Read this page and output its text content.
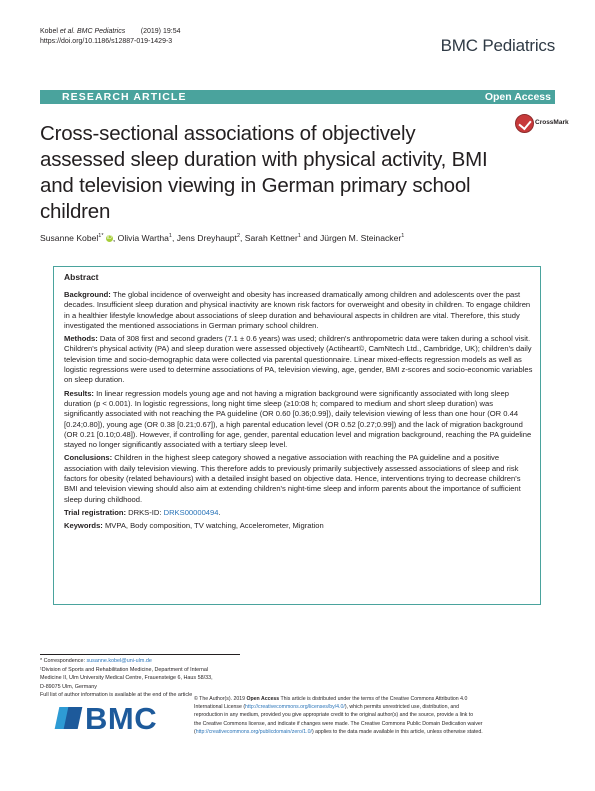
Kobel et al. BMC Pediatrics (2019) 19:54
https://doi.org/10.1186/s12887-019-1429-3	BMC Pediatrics
RESEARCH ARTICLE	Open Access
Cross-sectional associations of objectively assessed sleep duration with physical activity, BMI and television viewing in German primary school children
CrossMark
Susanne Kobel$^{1*}$ iD, Olivia Wartha$^1$, Jens Dreyhaupt$^2$, Sarah Kettner$^1$ and Jürgen M. Steinacker$^1$
Abstract

Background: The global incidence of overweight and obesity has increased dramatically among children and adolescents over the past decades. Insufficient sleep duration and physical inactivity are known risk factors for overweight and obesity in children. To engage children in a healthier lifestyle knowledge about associations of sleep duration and behavioural aspects in children are vital. Therefore, this study investigated the mentioned associations in German primary school children.

Methods: Data of 308 first and second graders (7.1 ± 0.6 years) was used; children's anthropometric data were taken during a school visit. Children's physical activity (PA) and sleep duration were assessed objectively (Actiheart©, CamNtech Ltd., Cambridge, UK); children's daily television time and socio-demographic data were collected via parental questionnaire. Linear mixed-effects regression models as well as logistic regressions were used to determine associations of PA, television viewing, age, gender, BMI z-scores and socio-economic variables on sleep duration.

Results: In linear regression models young age and not having a migration background were significantly associated with long sleep duration (p < 0.001). In logistic regressions, long night time sleep (≥10:08 h; compared to medium and short sleep duration) was significantly associated with not reaching the PA guideline (OR 0.60 [0.36;0.99]), daily television viewing of less than one hour (OR 0.44 [0.24;0.80]), young age (OR 0.38 [0.21;0.67]), a high parental education level (OR 0.52 [0.27;0.99]) and the lack of migration background (OR 0.21 [0.10;0.48]). However, if controlling for age, gender, parental education level and migration background, reaching the PA guideline stayed no longer significantly associated with a tertiary sleep level.

Conclusions: Children in the highest sleep category showed a negative association with reaching the PA guideline and a positive association with daily television viewing. This therefore adds to previously primarily subjectively assessed associations of sleep and risk factors for obesity (related behaviours) with a detailed insight based on objective data. Hence, interventions trying to decrease children's BMI and television viewing should also aim at extending children's night-time sleep and inform parents about the importance of sufficient sleep during childhood.

Trial registration: DRKS-ID: DRKS00000494.

Keywords: MVPA, Body composition, TV watching, Accelerometer, Migration

* Correspondence: susanne.kobel@uni-ulm.de
¹Division of Sports and Rehabilitation Medicine, Department of Internal
Medicine II, Ulm University Medical Centre, Frauensteige 6, Haus 58/33,
D-89075 Ulm, Germany
Full list of author information is available at the end of the article
BMC
© The Author(s). 2019 Open Access This article is distributed under the terms of the Creative Commons Attribution 4.0
International License (http://creativecommons.org/licenses/by/4.0/), which permits unrestricted use, distribution, and
reproduction in any medium, provided you give appropriate credit to the original author(s) and the source, provide a link to
the Creative Commons license, and indicate if changes were made. The Creative Commons Public Domain Dedication waiver
(http://creativecommons.org/publicdomain/zero/1.0/) applies to the data made available in this article, unless otherwise stated.
